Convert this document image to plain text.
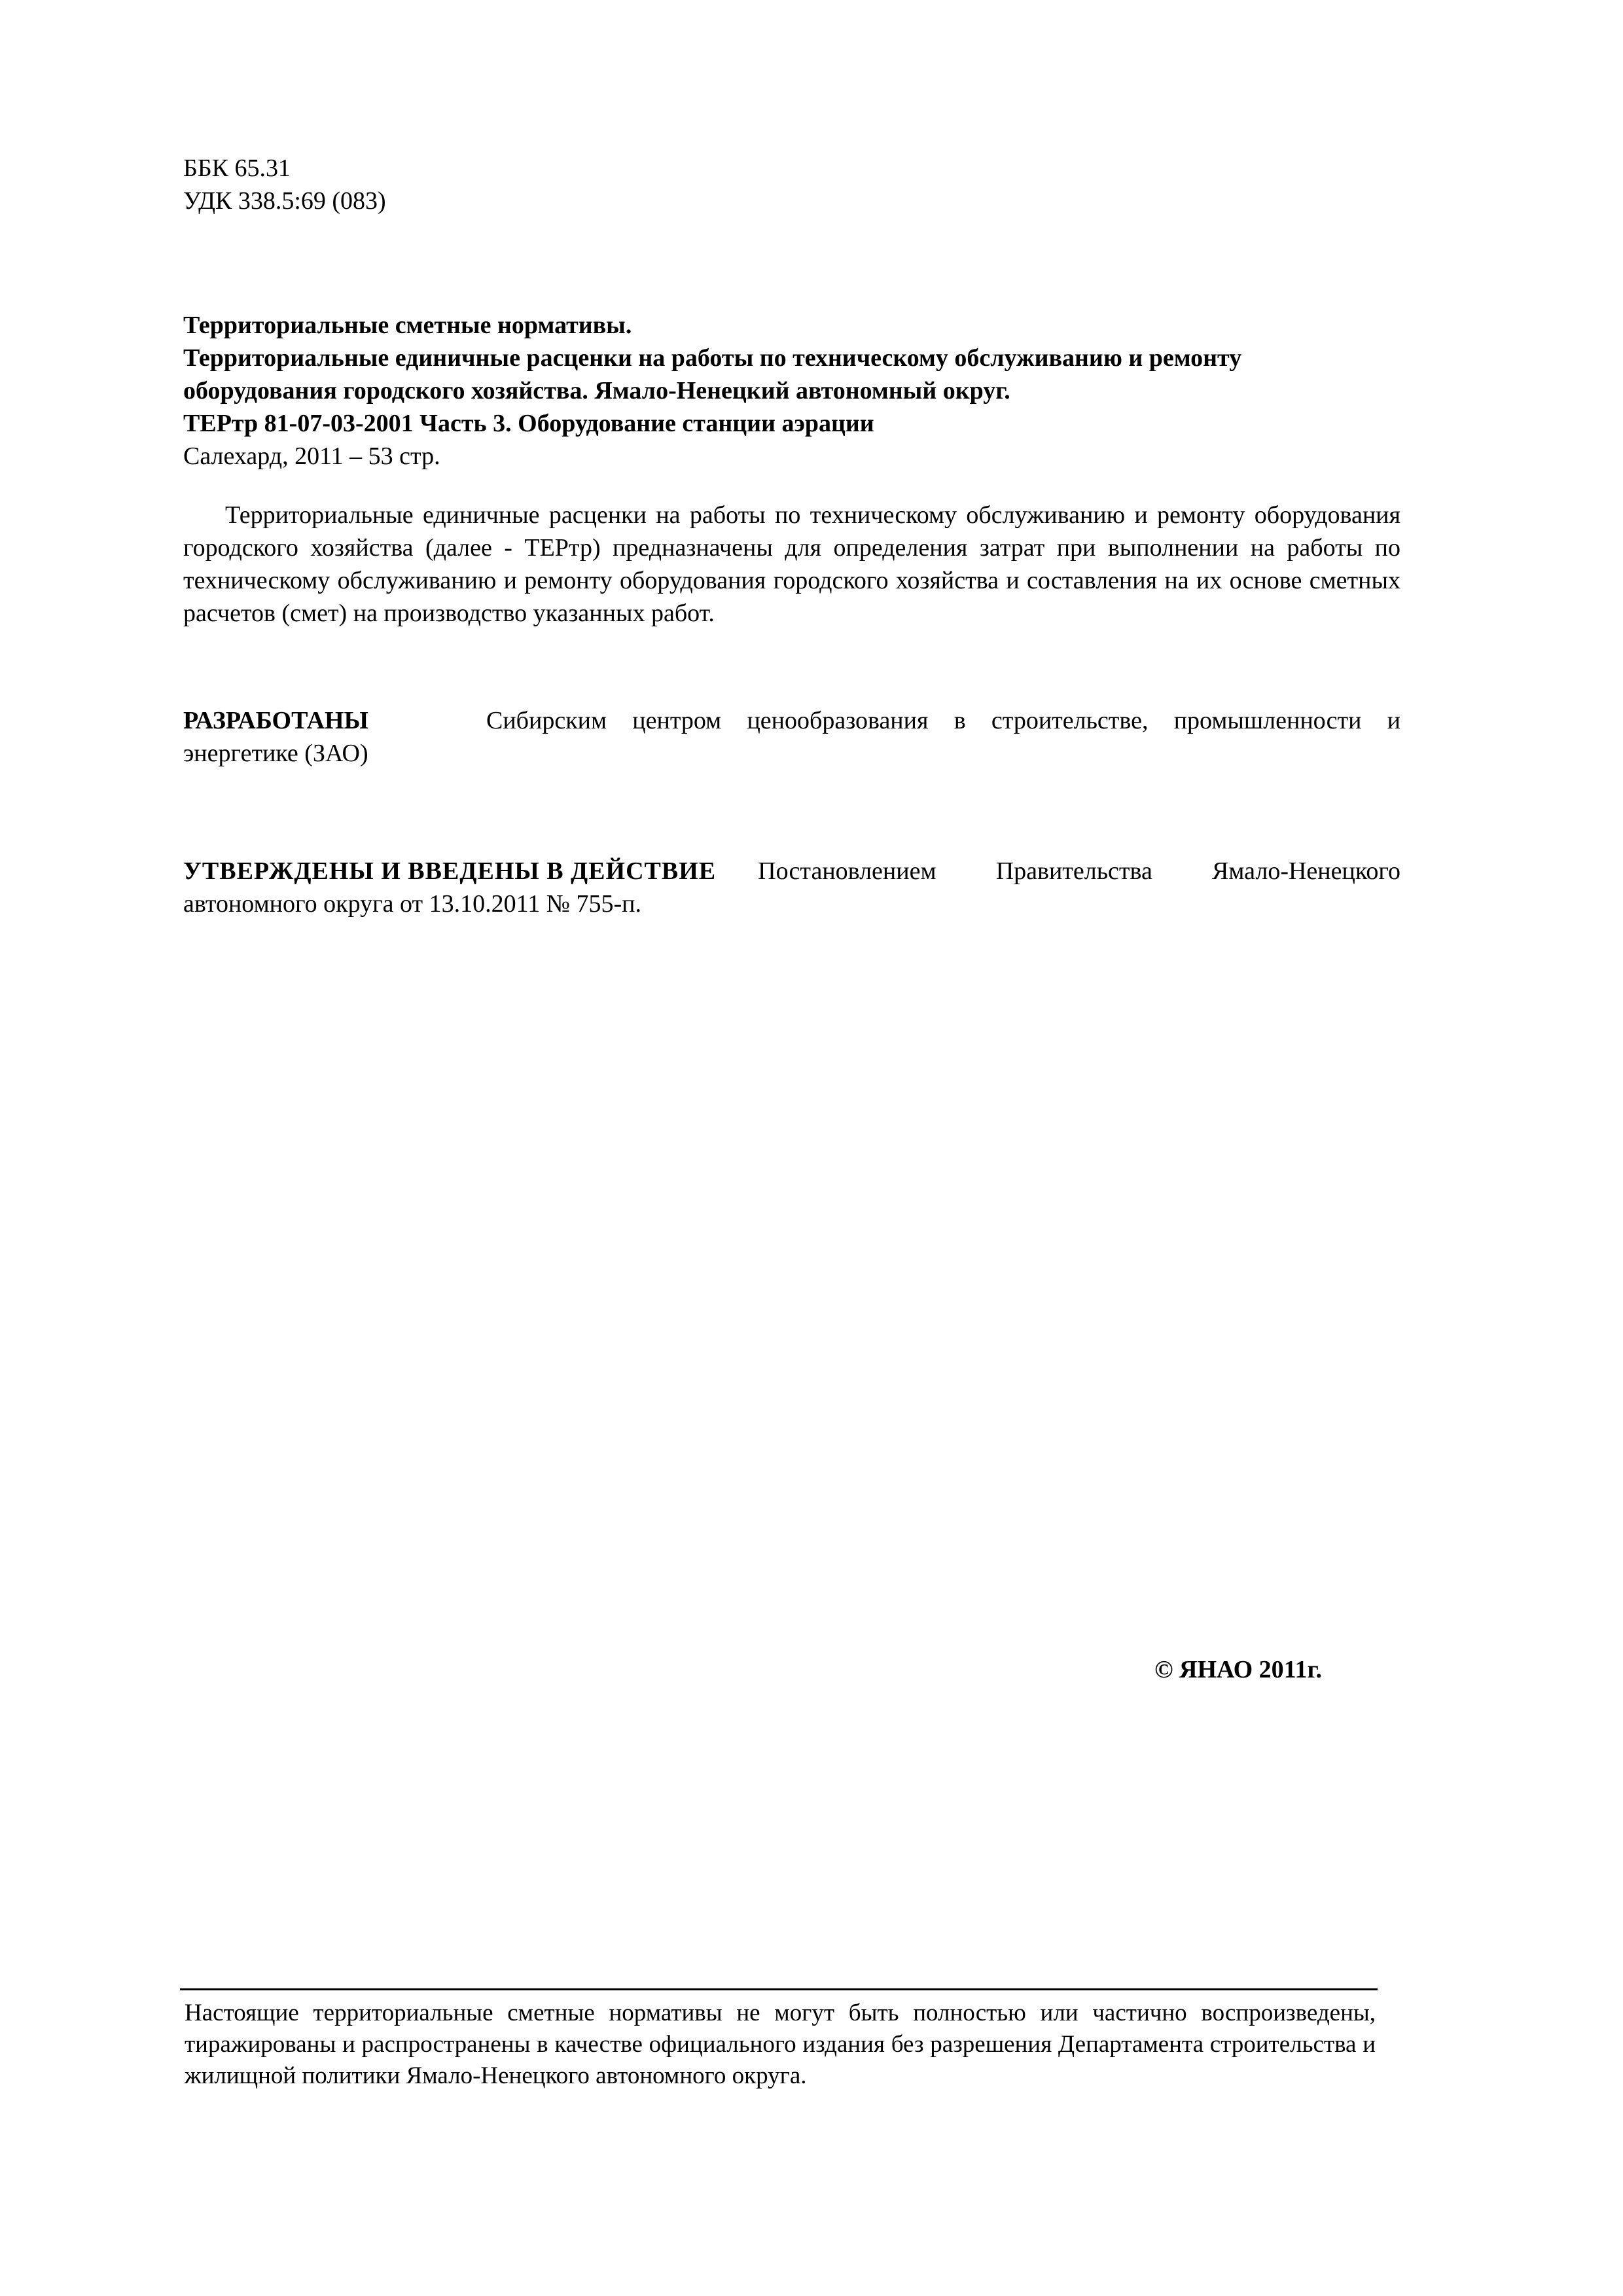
ББК 65.31
УДК 338.5:69 (083)
Территориальные сметные нормативы.
Территориальные единичные расценки на работы по техническому обслуживанию и ремонту оборудования городского хозяйства. Ямало-Ненецкий автономный округ.
ТЕРтр 81-07-03-2001 Часть 3. Оборудование станции аэрации
Салехард, 2011 – 53 стр.
Территориальные единичные расценки на работы по техническому обслуживанию и ремонту оборудования городского хозяйства (далее - ТЕРтр) предназначены для определения затрат при выполнении на работы по техническому обслуживанию и ремонту оборудования городского хозяйства и составления на их основе сметных расчетов (смет) на производство указанных работ.
РАЗРАБОТАНЫ	Сибирским центром ценообразования в строительстве, промышленности и энергетике (ЗАО)
УТВЕРЖДЕНЫ И ВВЕДЕНЫ В ДЕЙСТВИЕ Постановлением Правительства Ямало-Ненецкого автономного округа от 13.10.2011 № 755-п.
© ЯНАО 2011г.
Настоящие территориальные сметные нормативы не могут быть полностью или частично воспроизведены, тиражированы и распространены в качестве официального издания без разрешения Департамента строительства и жилищной политики Ямало-Ненецкого автономного округа.
